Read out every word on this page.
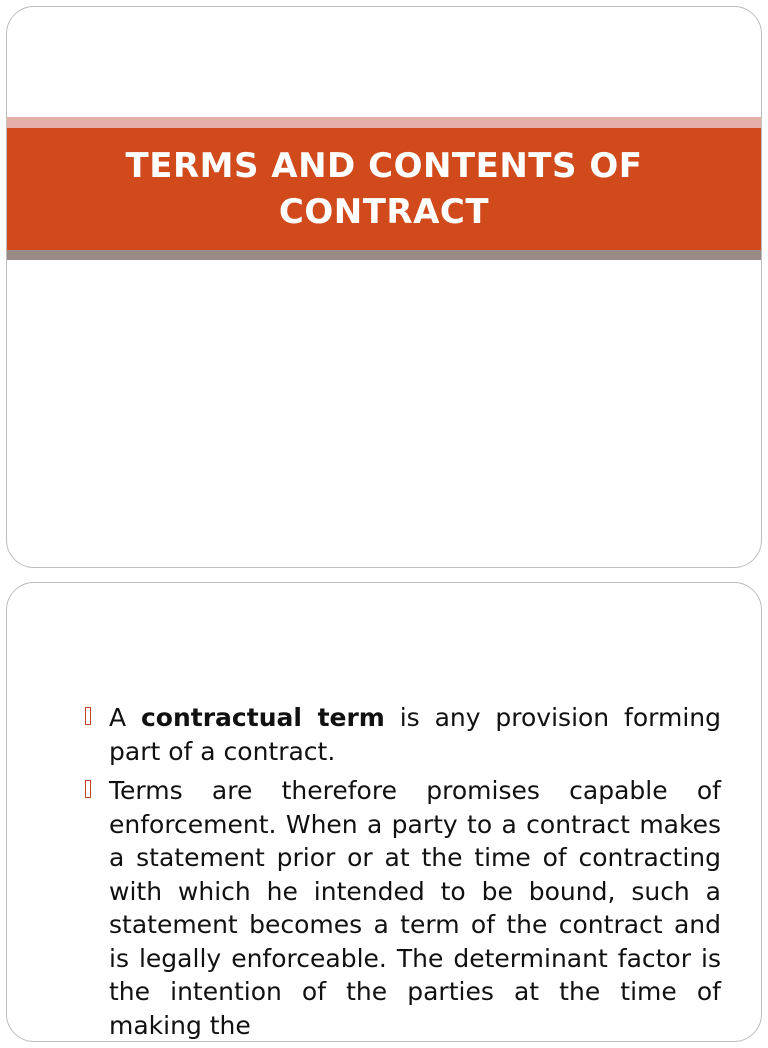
TERMS AND CONTENTS OF CONTRACT
A contractual term is any provision forming part of a contract.
Terms are therefore promises capable of enforcement. When a party to a contract makes a statement prior or at the time of contracting with which he intended to be bound, such a statement becomes a term of the contract and is legally enforceable. The determinant factor is the intention of the parties at the time of making the
